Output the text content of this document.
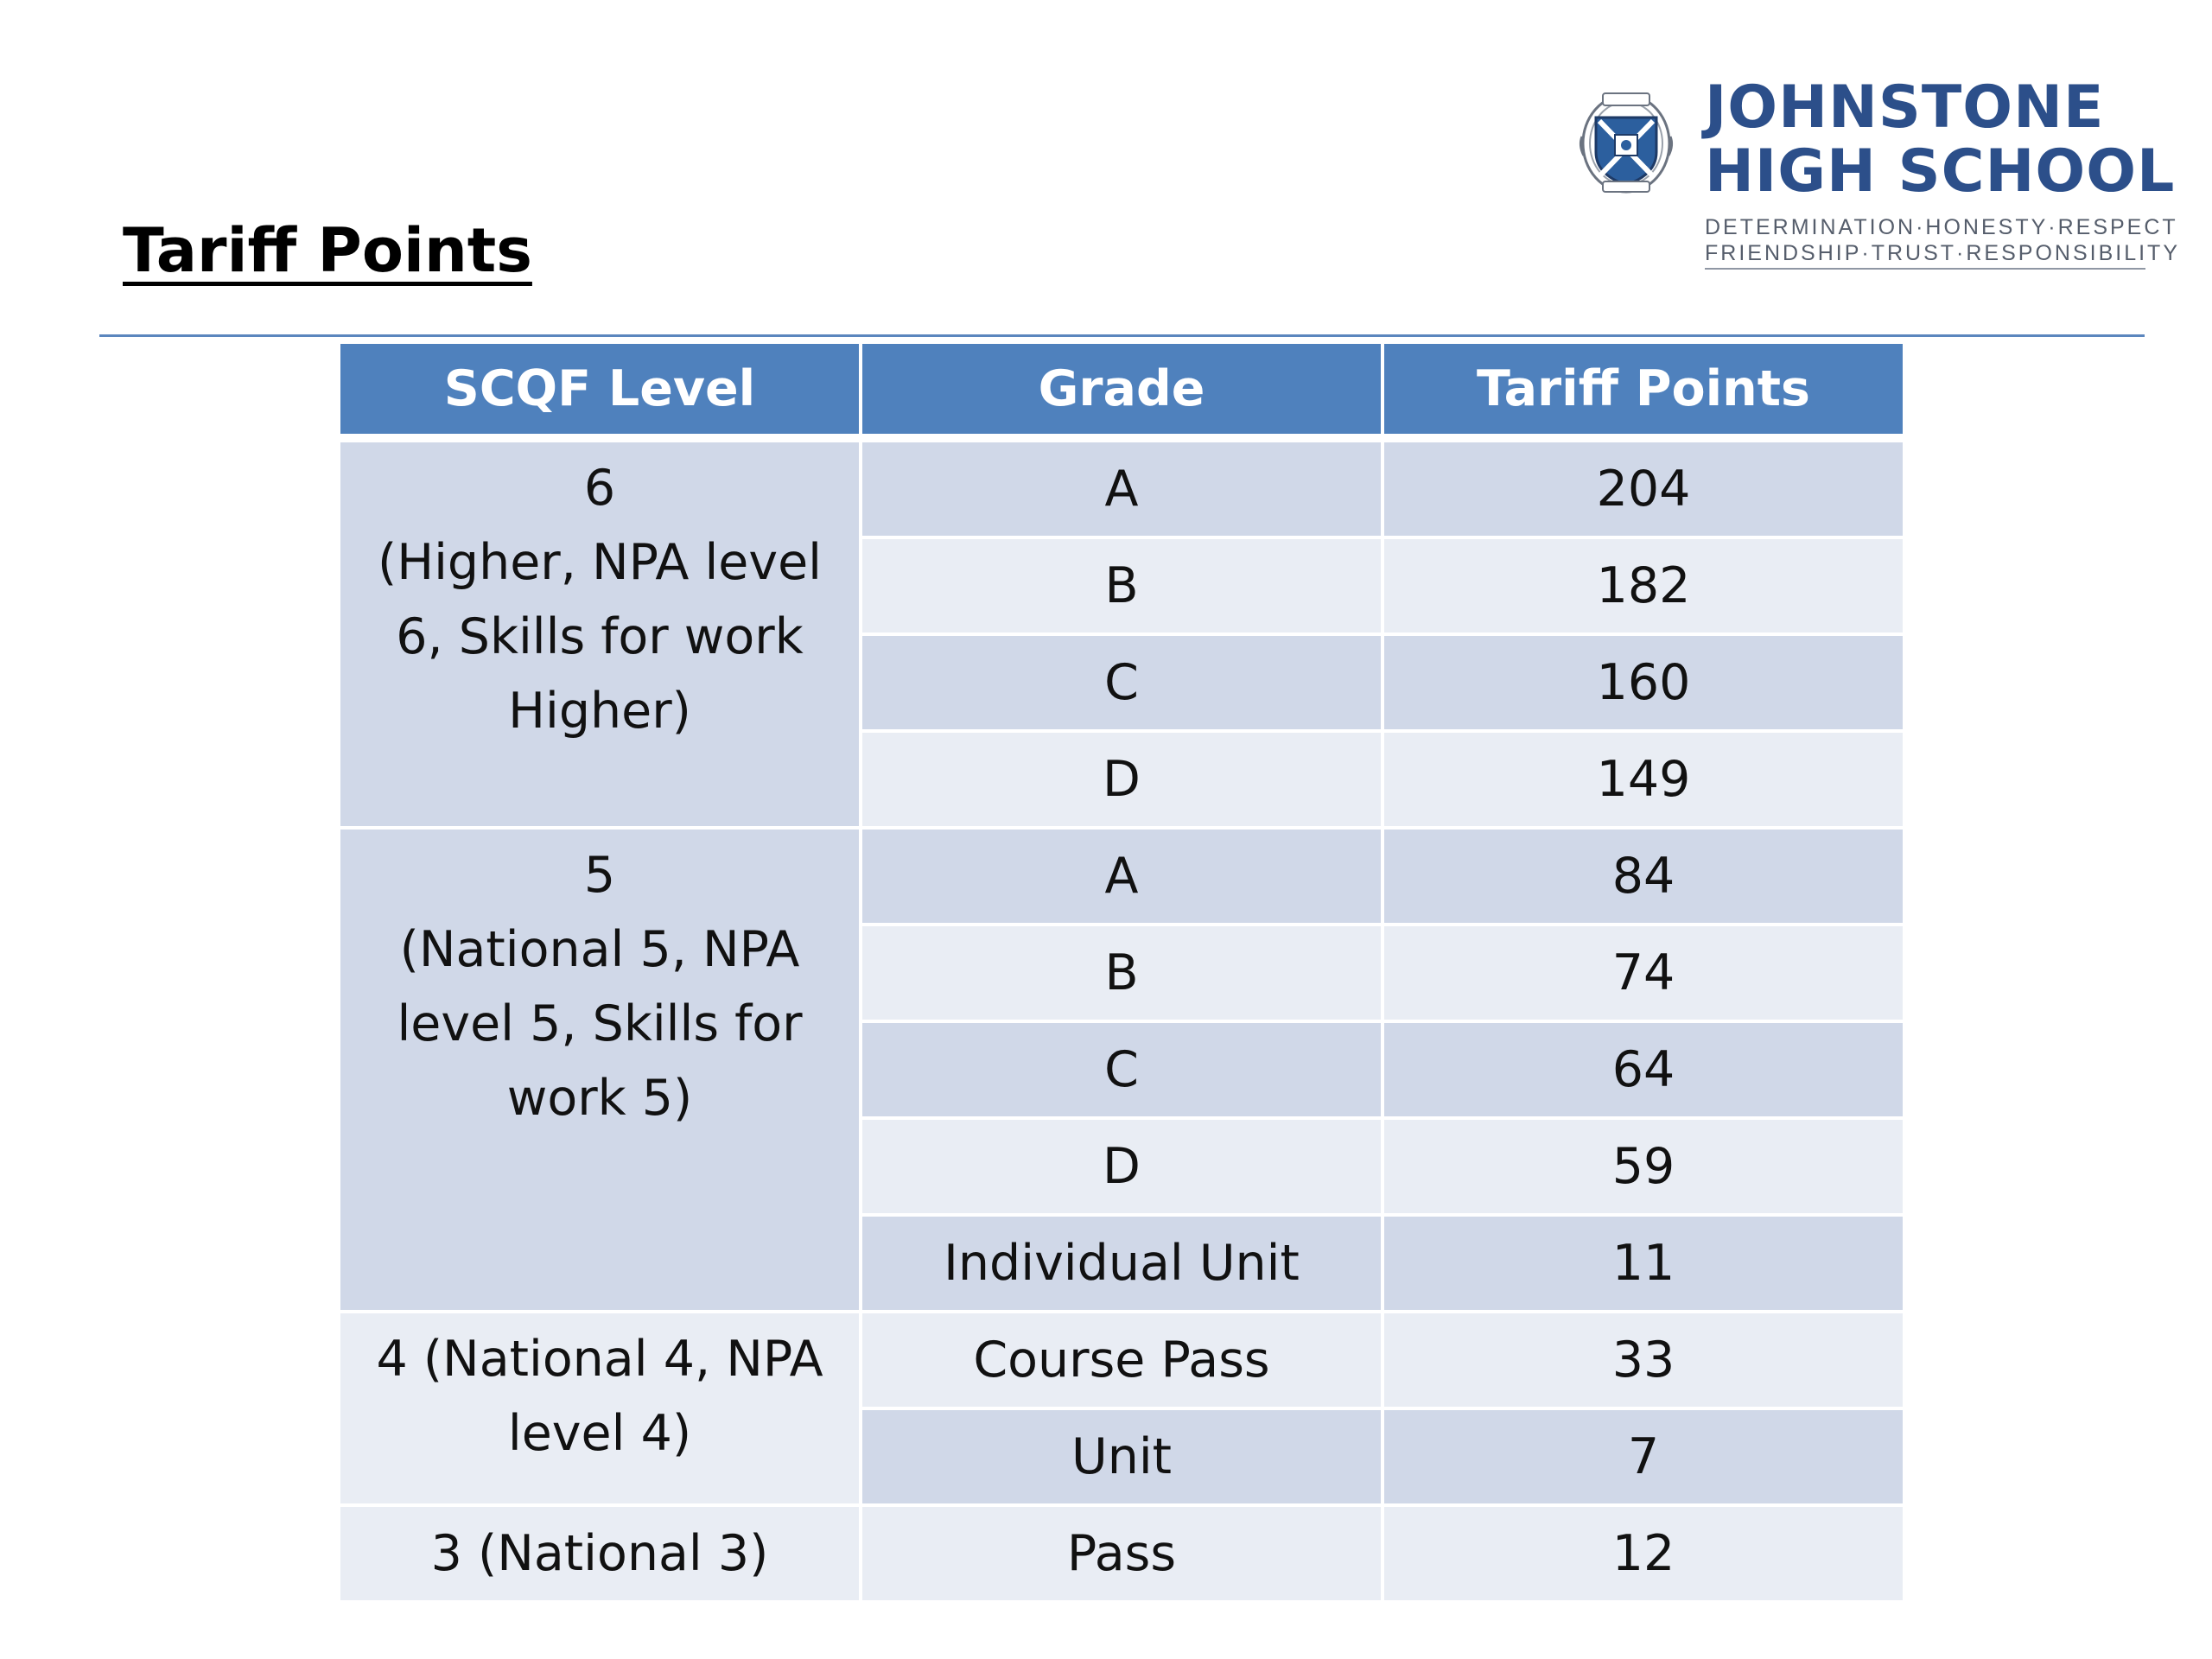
Tariff Points
JOHNSTONE
HIGH SCHOOL
DETERMINATION·HONESTY·RESPECT
FRIENDSHIP·TRUST·RESPONSIBILITY
SCQF Level	Grade	Tariff Points

6
(Higher, NPA level
6, Skills for work
Higher)	A	204
	B	182
	C	160
	D	149

5
(National 5, NPA
level 5, Skills for
work 5)	A	84
	B	74
	C	64
	D	59
	Individual Unit	11

4 (National 4, NPA
level 4)	Course Pass	33
	Unit	7

3 (National 3)	Pass	12
